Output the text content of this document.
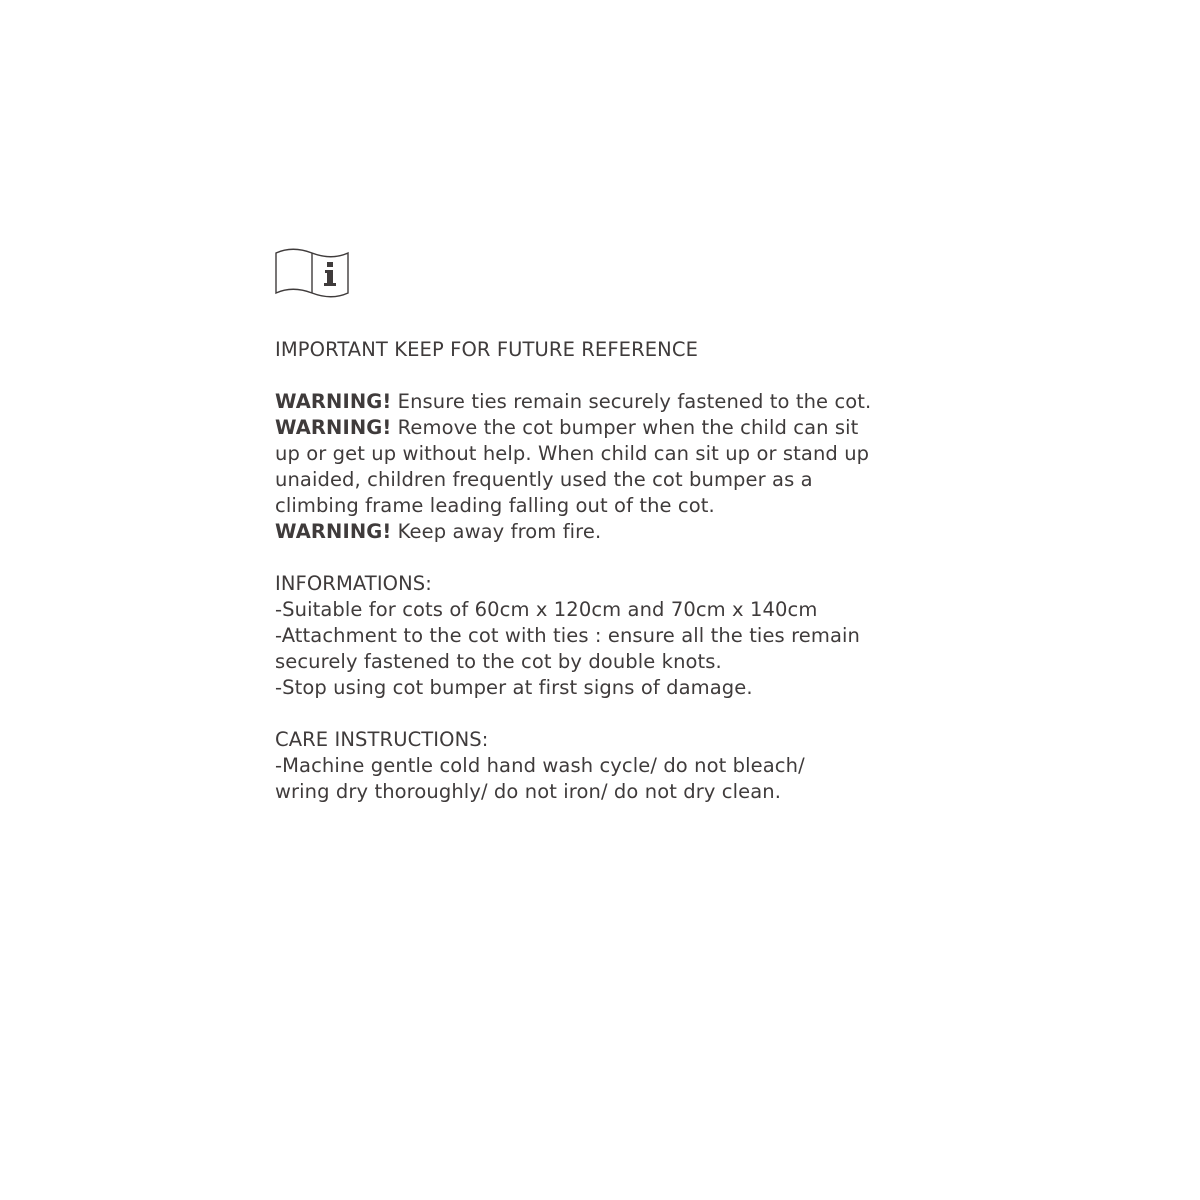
IMPORTANT KEEP FOR FUTURE REFERENCE
WARNING! Ensure ties remain securely fastened to the cot.
WARNING! Remove the cot bumper when the child can sit
up or get up without help. When child can sit up or stand up
unaided, children frequently used the cot bumper as a
climbing frame leading falling out of the cot.
WARNING! Keep away from fire.
INFORMATIONS:
-Suitable for cots of 60cm x 120cm and 70cm x 140cm
-Attachment to the cot with ties : ensure all the ties remain
securely fastened to the cot by double knots.
-Stop using cot bumper at first signs of damage.
CARE INSTRUCTIONS:
-Machine gentle cold hand wash cycle/ do not bleach/
wring dry thoroughly/ do not iron/ do not dry clean.
